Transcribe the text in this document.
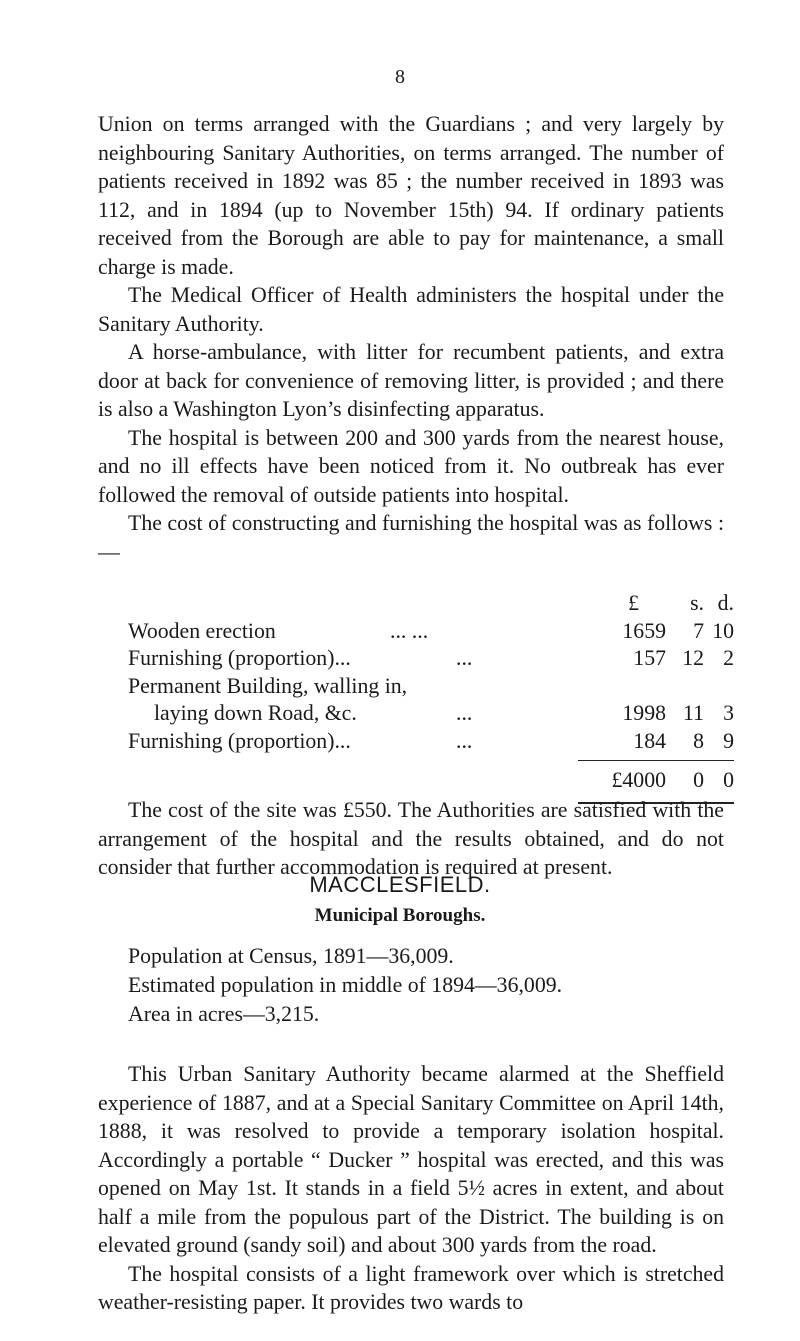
8

Union on terms arranged with the Guardians ; and very largely by neighbouring Sanitary Authorities, on terms arranged. The number of patients received in 1892 was 85 ; the number received in 1893 was 112, and in 1894 (up to November 15th) 94. If ordinary patients received from the Borough are able to pay for maintenance, a small charge is made.

The Medical Officer of Health administers the hospital under the Sanitary Authority.

A horse-ambulance, with litter for recumbent patients, and extra door at back for convenience of removing litter, is provided ; and there is also a Washington Lyon’s disinfecting apparatus.

The hospital is between 200 and 300 yards from the nearest house, and no ill effects have been noticed from it. No outbreak has ever followed the removal of outside patients into hospital.

The cost of constructing and furnishing the hospital was as follows :—

£ s. d.
Wooden erection	... ...	1659 7 10
Furnishing (proportion)...	...	157 12 2
Permanent Building, walling in,
laying down Road, &c.	...	1998 11 3
Furnishing (proportion)...	...	184 8 9
£4000 0 0

The cost of the site was £550. The Authorities are satisfied with the arrangement of the hospital and the results obtained, and do not consider that further accommodation is required at present.

MACCLESFIELD.
Municipal Boroughs.
Population at Census, 1891—36,009.
Estimated population in middle of 1894—36,009.
Area in acres—3,215.

This Urban Sanitary Authority became alarmed at the Sheffield experience of 1887, and at a Special Sanitary Committee on April 14th, 1888, it was resolved to provide a temporary isolation hospital. Accordingly a portable “ Ducker ” hospital was erected, and this was opened on May 1st. It stands in a field 5½ acres in extent, and about half a mile from the populous part of the District. The building is on elevated ground (sandy soil) and about 300 yards from the road.

The hospital consists of a light framework over which is stretched weather-resisting paper. It provides two wards to
